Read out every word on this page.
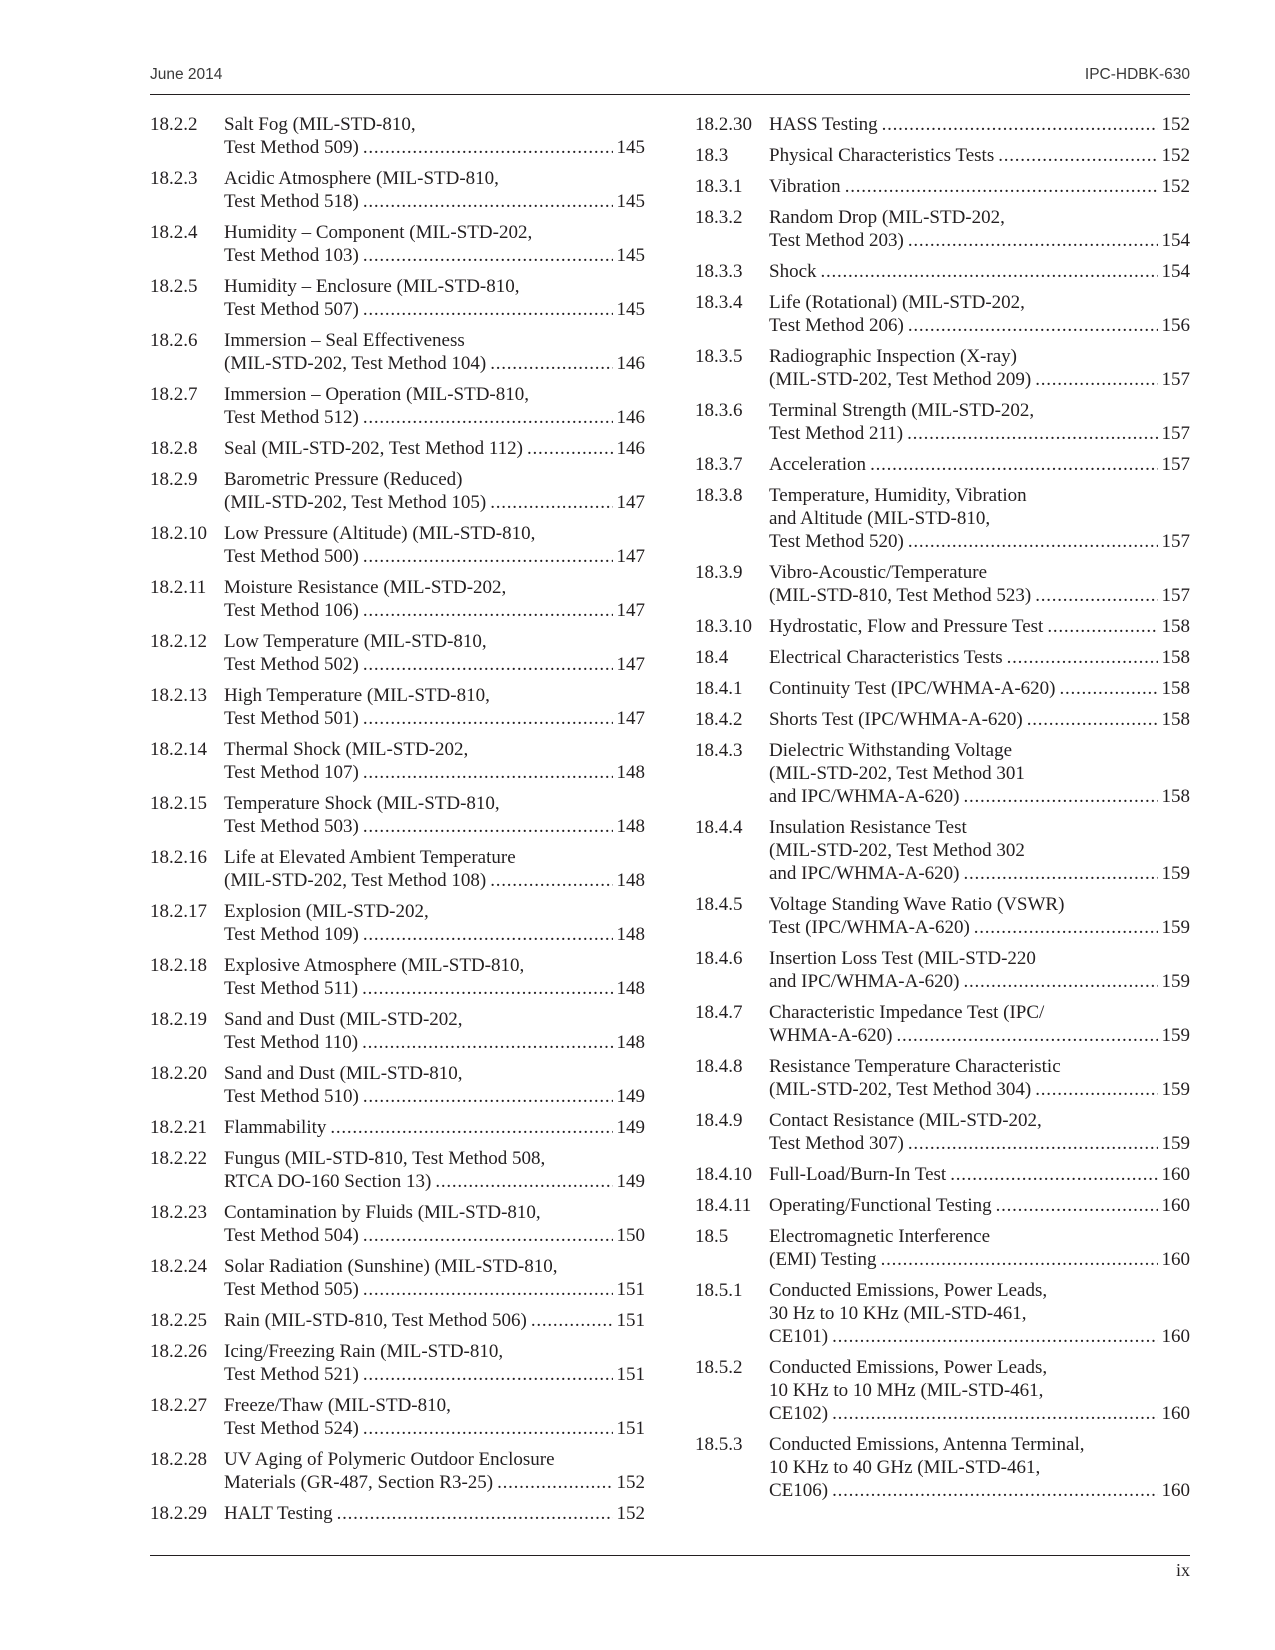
June 2014	IPC-HDBK-630
18.2.2	Salt Fog (MIL-STD-810,
Test Method 509) . . .	145
18.2.3	Acidic Atmosphere (MIL-STD-810,
Test Method 518) . . .	145
18.2.4	Humidity – Component (MIL-STD-202,
Test Method 103) . . .	145
18.2.5	Humidity – Enclosure (MIL-STD-810,
Test Method 507) . . .	145
18.2.6	Immersion – Seal Effectiveness
(MIL-STD-202, Test Method 104) . . .	146
18.2.7	Immersion – Operation (MIL-STD-810,
Test Method 512) . . .	146
18.2.8	Seal (MIL-STD-202, Test Method 112) . . .	146
18.2.9	Barometric Pressure (Reduced)
(MIL-STD-202, Test Method 105) . . .	147
18.2.10 Low Pressure (Altitude) (MIL-STD-810,
Test Method 500) . . .	147
18.2.11 Moisture Resistance (MIL-STD-202,
Test Method 106) . . .	147
18.2.12 Low Temperature (MIL-STD-810,
Test Method 502) . . .	147
18.2.13 High Temperature (MIL-STD-810,
Test Method 501) . . .	147
18.2.14 Thermal Shock (MIL-STD-202,
Test Method 107) . . .	148
18.2.15 Temperature Shock (MIL-STD-810,
Test Method 503) . . .	148
18.2.16 Life at Elevated Ambient Temperature
(MIL-STD-202, Test Method 108) . . .	148
18.2.17 Explosion (MIL-STD-202,
Test Method 109) . . .	148
18.2.18 Explosive Atmosphere (MIL-STD-810,
Test Method 511) . . .	148
18.2.19 Sand and Dust (MIL-STD-202,
Test Method 110) . . .	148
18.2.20 Sand and Dust (MIL-STD-810,
Test Method 510) . . .	149
18.2.21 Flammability . . .	149
18.2.22 Fungus (MIL-STD-810, Test Method 508,
RTCA DO-160 Section 13) . . .	149
18.2.23 Contamination by Fluids (MIL-STD-810,
Test Method 504) . . .	150
18.2.24 Solar Radiation (Sunshine) (MIL-STD-810,
Test Method 505) . . .	151
18.2.25 Rain (MIL-STD-810, Test Method 506) . . .	151
18.2.26 Icing/Freezing Rain (MIL-STD-810,
Test Method 521) . . .	151
18.2.27 Freeze/Thaw (MIL-STD-810,
Test Method 524) . . .	151
18.2.28 UV Aging of Polymeric Outdoor Enclosure
Materials (GR-487, Section R3-25) . . .	152
18.2.29 HALT Testing . . .	152
18.2.30 HASS Testing . . .	152
18.3	Physical Characteristics Tests . . .	152
18.3.1	Vibration . . .	152
18.3.2	Random Drop (MIL-STD-202,
Test Method 203) . . .	154
18.3.3	Shock . . .	154
18.3.4	Life (Rotational) (MIL-STD-202,
Test Method 206) . . .	156
18.3.5	Radiographic Inspection (X-ray)
(MIL-STD-202, Test Method 209) . . .	157
18.3.6	Terminal Strength (MIL-STD-202,
Test Method 211) . . .	157
18.3.7	Acceleration . . .	157
18.3.8	Temperature, Humidity, Vibration
and Altitude (MIL-STD-810,
Test Method 520) . . .	157
18.3.9	Vibro-Acoustic/Temperature
(MIL-STD-810, Test Method 523) . . .	157
18.3.10 Hydrostatic, Flow and Pressure Test . . .	158
18.4	Electrical Characteristics Tests . . .	158
18.4.1	Continuity Test (IPC/WHMA-A-620) . . .	158
18.4.2	Shorts Test (IPC/WHMA-A-620) . . .	158
18.4.3	Dielectric Withstanding Voltage
(MIL-STD-202, Test Method 301
and IPC/WHMA-A-620) . . .	158
18.4.4	Insulation Resistance Test
(MIL-STD-202, Test Method 302
and IPC/WHMA-A-620) . . .	159
18.4.5	Voltage Standing Wave Ratio (VSWR)
Test (IPC/WHMA-A-620) . . .	159
18.4.6	Insertion Loss Test (MIL-STD-220
and IPC/WHMA-A-620) . . .	159
18.4.7	Characteristic Impedance Test (IPC/
WHMA-A-620) . . .	159
18.4.8	Resistance Temperature Characteristic
(MIL-STD-202, Test Method 304) . . .	159
18.4.9	Contact Resistance (MIL-STD-202,
Test Method 307) . . .	159
18.4.10 Full-Load/Burn-In Test . . .	160
18.4.11 Operating/Functional Testing . . .	160
18.5	Electromagnetic Interference
(EMI) Testing . . .	160
18.5.1	Conducted Emissions, Power Leads,
30 Hz to 10 KHz (MIL-STD-461,
CE101) . . .	160
18.5.2	Conducted Emissions, Power Leads,
10 KHz to 10 MHz (MIL-STD-461,
CE102) . . .	160
18.5.3	Conducted Emissions, Antenna Terminal,
10 KHz to 40 GHz (MIL-STD-461,
CE106) . . .	160
ix
